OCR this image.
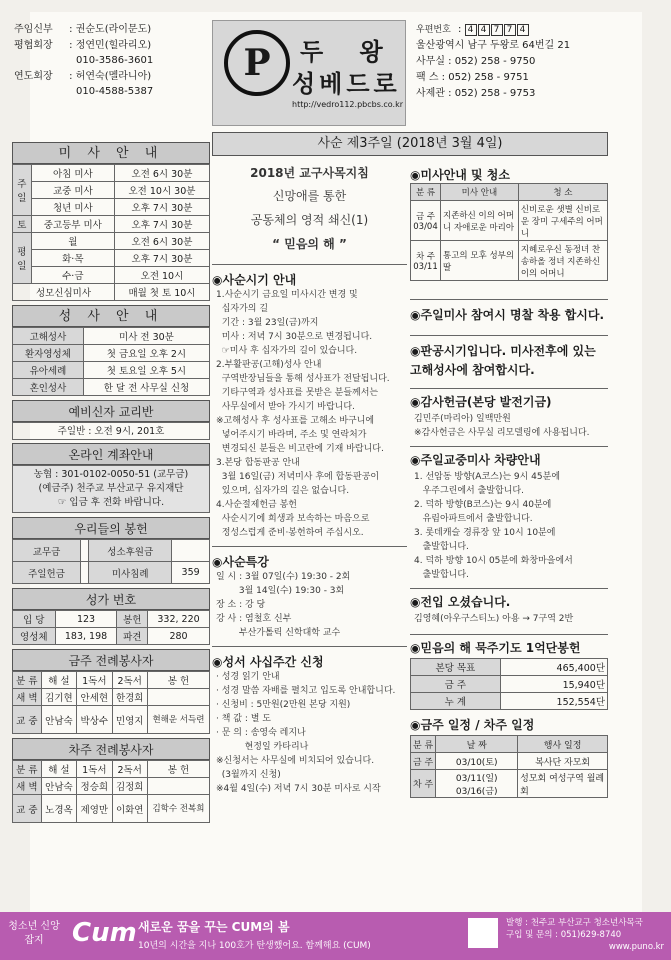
주임신부	: 권순도(라이문도)
평협회장	: 정연민(힐라리오)
010-3586-3601
연도회장	: 허연숙(멜라니아)
010-4588-5387
P 두 왕
성베드로
http://vedro112.pbcbs.co.kr
우편번호 : 4 4 7 7 4
울산광역시 남구 두왕로 64번길 21
사무실 : 052) 258 - 9750
팩 스 : 052) 258 - 9751
사제관 : 052) 258 - 9753
사순 제3주일 (2018년 3월 4일)
미 사 안 내
주
일	아침 미사	오전 6시 30분
	교중 미사	오전 10시 30분
	청년 미사	오후 7시 30분
토	중고등부 미사	오후 7시 30분
평
일	월	오전 6시 30분
	화·목	오후 7시 30분
	수·금	오전 10시
성모신심미사		매월 첫 토 10시
성 사 안 내
고해성사	미사 전 30분
환자영성체	첫 금요일 오후 2시
유아세례	첫 토요일 오후 5시
혼인성사	한 달 전 사무실 신청
예비신자 교리반
주일반 : 오전 9시, 201호
온라인 계좌안내
농협 : 301-0102-0050-51 (교무금)
(예금주) 천주교 부산교구 유지재단
☞ 입금 후 전화 바랍니다.
우리들의 봉헌
교무금		성소후원금	
주일헌금		미사침례	359
성가 번호
입 당	123	봉헌	332, 220
영성체	183, 198	파견	280
금주 전례봉사자
분 류	해 설	1독서	2독서	봉 헌
새 벽	김기현	안세현	한경희	
교 중	안남숙	박상수	민영지	현해운 서득련
차주 전례봉사자
분 류	해 설	1독서	2독서	봉 헌
새 벽	안남숙	정승희	김정희	
교 중	노경옥	제영만	이화연	김학수 전복희
2018년 교구사목지침
신망애를 통한
공동체의 영적 쇄신(1)
“ 믿음의 해 ”
◉사순시기 안내
1.사순시기 금요일 미사시간 변경 및
십자가의 길
기간 : 3월 23일(금)까지
미사 : 저녁 7시 30분으로 변경됩니다.
☞미사 후 십자가의 길이 있습니다.
2.부활판공(고해)성사 안내
구역반장님들을 통해 성사표가 전달됩니다.
기타구역과 성사표를 못받은 분들께서는
사무실에서 받아 가시기 바랍니다.
※고해성사 후 성사표를 고해소 바구니에
넣어주시기 바라며, 주소 및 연락처가
변경되신 분들은 비고란에 기재 바랍니다.
3.본당 합동판공 안내
3월 16일(금) 저녁미사 후에 합동판공이
있으며, 십자가의 길은 없습니다.
4.사순절제헌금 봉헌
사순시기에 희생과 보속하는 마음으로
정성스럽게 준비·봉헌하여 주십시오.
◉사순특강
일 시 : 3월 07일(수) 19:30 - 2회
3월 14일(수) 19:30 - 3회
장 소 : 강 당
강 사 : 염철호 신부
부산가톨릭 신학대학 교수
◉성서 사십주간 신청
· 성경 읽기 안내
· 성경 말씀 자배를 펼치고 입도록 안내합니다.
· 신청비 : 5만원(2만원 본당 지원)
· 책 값 : 별 도
· 문 의 : 송영숙 레지나
현정일 카타리나
※신청서는 사무실에 비치되어 있습니다.
(3월까지 신청)
※4월 4일(수) 저녁 7시 30분 미사로 시작
◉미사안내 및 청소
분 류	미사 안내	청 소
금 주 03/04	지존하신 이의 어머니 자애로운 마리아	신비로운 샛별 신비로운 장미 구세주의 어머니
차 주 03/11	통고의 모후 성부의 딸	지혜로우신 동정녀 찬송하올 정녀 지존하신 이의 어머니
◉주일미사 참여시 명찰 착용 합시다.
◉판공시기입니다. 미사전후에 있는 고해성사에 참여합시다.
◉감사헌금(본당 발전기금)
김민주(마리아) 일백만원
※감사헌금은 사무실 리모델링에 사용됩니다.
◉주일교중미사 차량안내
1. 선암동 방향(A코스)는 9시 45분에
우주그린에서 출발합니다.
2. 덕하 방향(B코스)는 9시 40분에
유림아파트에서 출발합니다.
3. 롯데캐슬 경류장 앞 10시 10분에
출발합니다.
4. 덕하 방향 10시 05분에 화창마을에서
출발합니다.
◉전입 오셨습니다.
김영혜(아우구스티노) 아용 → 7구역 2반
◉믿음의 해 묵주기도 1억단봉헌
본당 목표	465,400단
금 주	15,940단
누 계	152,554단
◉금주 일정 / 차주 일정
분 류	날 짜	행사 일정
금 주	03/10(토)	복사단 자모회
차 주	03/11(일) 03/16(금)	성모회 여성구역 월례회
청소년 신앙잡지	Cum 새로운 꿈을 꾸는 CUM의 봄
10년의 시간을 지나 100호가 탄생했어요. 함께해요 (CUM)
발행 : 천주교 부산교구 청소년사목국
구입 및 문의 : 051)629-8740
www.puno.kr
